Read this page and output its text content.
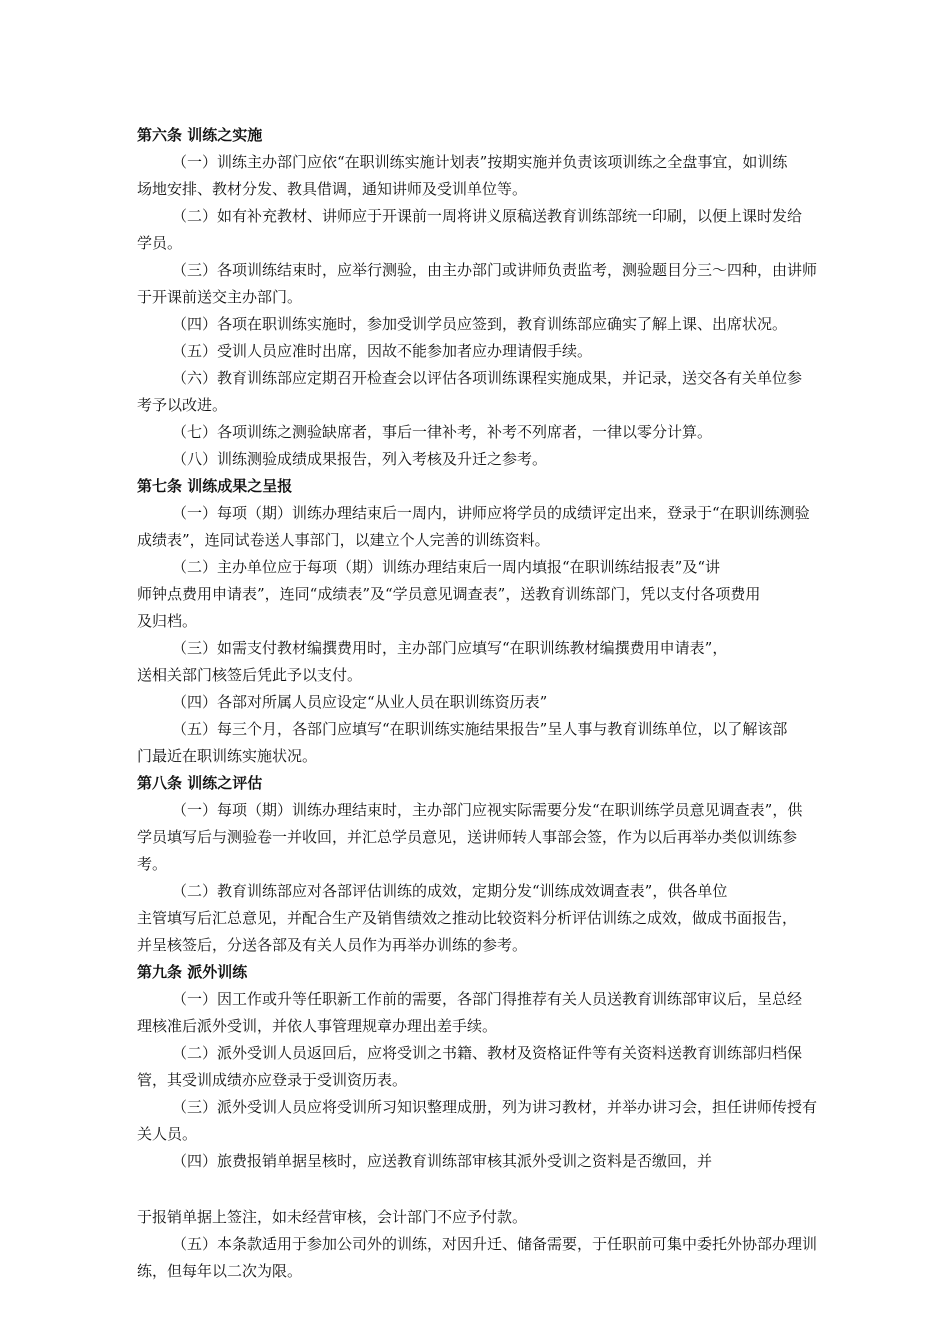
第六条 训练之实施
（一）训练主办部门应依“在职训练实施计划表”按期实施并负责该项训练之全盘事宜，如训练
场地安排、教材分发、教具借调，通知讲师及受训单位等。
（二）如有补充教材、讲师应于开课前一周将讲义原稿送教育训练部统一印刷，以便上课时发给
学员。
（三）各项训练结束时，应举行测验，由主办部门或讲师负责监考，测验题目分三～四种，由讲师
于开课前送交主办部门。
（四）各项在职训练实施时，参加受训学员应签到，教育训练部应确实了解上课、出席状况。
（五）受训人员应准时出席，因故不能参加者应办理请假手续。
（六）教育训练部应定期召开检查会以评估各项训练课程实施成果，并记录，送交各有关单位参
考予以改进。
（七）各项训练之测验缺席者，事后一律补考，补考不列席者，一律以零分计算。
（八）训练测验成绩成果报告，列入考核及升迁之参考。
第七条 训练成果之呈报
（一）每项（期）训练办理结束后一周内，讲师应将学员的成绩评定出来，登录于“在职训练测验
成绩表”，连同试卷送人事部门，以建立个人完善的训练资料。
（二）主办单位应于每项（期）训练办理结束后一周内填报“在职训练结报表”及“讲
师钟点费用申请表”，连同“成绩表”及“学员意见调查表”，送教育训练部门，凭以支付各项费用
及归档。
（三）如需支付教材编撰费用时，主办部门应填写“在职训练教材编撰费用申请表”，
送相关部门核签后凭此予以支付。
（四）各部对所属人员应设定“从业人员在职训练资历表”
（五）每三个月，各部门应填写“在职训练实施结果报告”呈人事与教育训练单位，以了解该部
门最近在职训练实施状况。
第八条 训练之评估
（一）每项（期）训练办理结束时，主办部门应视实际需要分发“在职训练学员意见调查表”，供
学员填写后与测验卷一并收回，并汇总学员意见，送讲师转人事部会签，作为以后再举办类似训练参
考。
（二）教育训练部应对各部评估训练的成效，定期分发“训练成效调查表”，供各单位
主管填写后汇总意见，并配合生产及销售绩效之推动比较资料分析评估训练之成效，做成书面报告，
并呈核签后，分送各部及有关人员作为再举办训练的参考。
第九条 派外训练
（一）因工作或升等任职新工作前的需要，各部门得推荐有关人员送教育训练部审议后，呈总经
理核准后派外受训，并依人事管理规章办理出差手续。
（二）派外受训人员返回后，应将受训之书籍、教材及资格证件等有关资料送教育训练部归档保
管，其受训成绩亦应登录于受训资历表。
（三）派外受训人员应将受训所习知识整理成册，列为讲习教材，并举办讲习会，担任讲师传授有
关人员。
（四）旅费报销单据呈核时，应送教育训练部审核其派外受训之资料是否缴回，并
于报销单据上签注，如未经营审核，会计部门不应予付款。
（五）本条款适用于参加公司外的训练，对因升迁、储备需要，于任职前可集中委托外协部办理训
练，但每年以二次为限。
